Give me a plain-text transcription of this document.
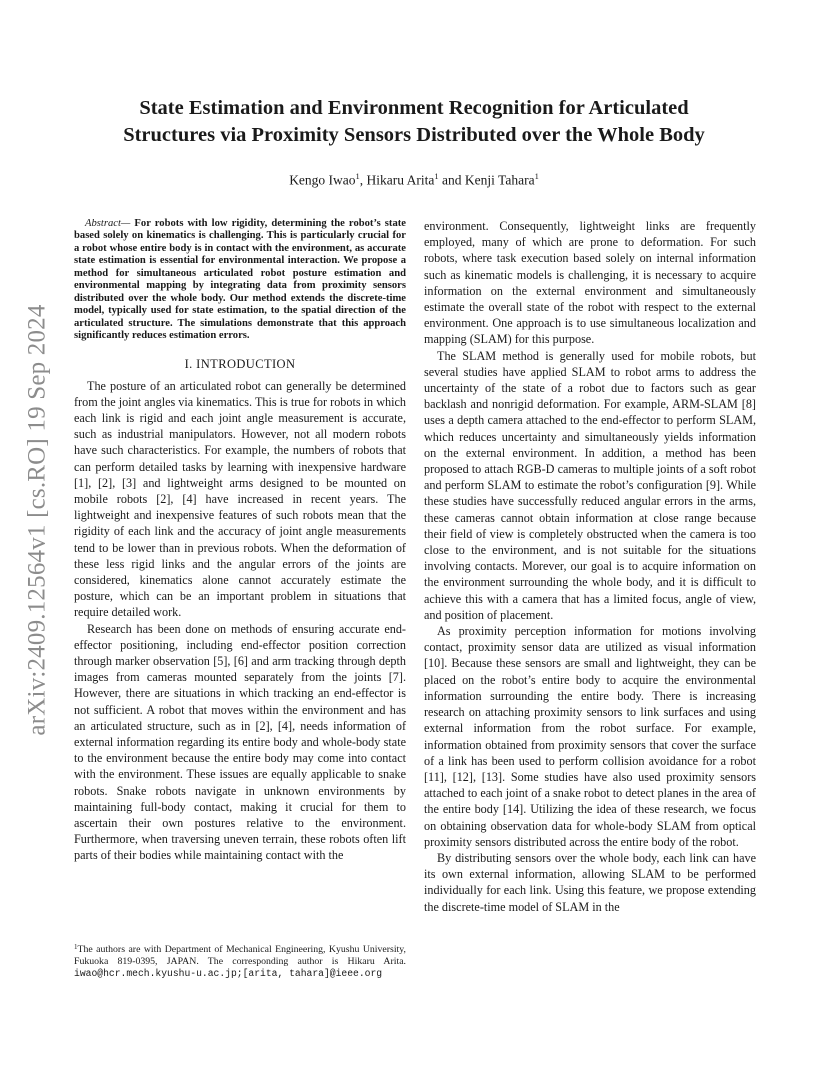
arXiv:2409.12564v1 [cs.RO] 19 Sep 2024
State Estimation and Environment Recognition for Articulated
Structures via Proximity Sensors Distributed over the Whole Body
Kengo Iwao$^1$, Hikaru Arita$^1$ and Kenji Tahara$^1$

Abstract— For robots with low rigidity, determining the robot’s state based solely on kinematics is challenging. This is particularly crucial for a robot whose entire body is in contact with the environment, as accurate state estimation is essential for environmental interaction. We propose a method for simultaneous articulated robot posture estimation and environmental mapping by integrating data from proximity sensors distributed over the whole body. Our method extends the discrete-time model, typically used for state estimation, to the spatial direction of the articulated structure. The simulations demonstrate that this approach significantly reduces estimation errors.

I. INTRODUCTION

The posture of an articulated robot can generally be determined from the joint angles via kinematics. This is true for robots in which each link is rigid and each joint angle measurement is accurate, such as industrial manipulators. However, not all modern robots have such characteristics. For example, the numbers of robots that can perform detailed tasks by learning with inexpensive hardware [1], [2], [3] and lightweight arms designed to be mounted on mobile robots [2], [4] have increased in recent years. The lightweight and inexpensive features of such robots mean that the rigidity of each link and the accuracy of joint angle measurements tend to be lower than in previous robots. When the deformation of these less rigid links and the angular errors of the joints are considered, kinematics alone cannot accurately estimate the posture, which can be an important problem in situations that require detailed work.

Research has been done on methods of ensuring accurate end-effector positioning, including end-effector position correction through marker observation [5], [6] and arm tracking through depth images from cameras mounted separately from the joints [7]. However, there are situations in which tracking an end-effector is not sufficient. A robot that moves within the environment and has an articulated structure, such as in [2], [4], needs information of external information regarding its entire body and whole-body state to the environment because the entire body may come into contact with the environment. These issues are equally applicable to snake robots. Snake robots navigate in unknown environments by maintaining full-body contact, making it crucial for them to ascertain their own postures relative to the environment. Furthermore, when traversing uneven terrain, these robots often lift parts of their bodies while maintaining contact with the

environment. Consequently, lightweight links are frequently employed, many of which are prone to deformation. For such robots, where task execution based solely on internal information such as kinematic models is challenging, it is necessary to acquire information on the external environment and simultaneously estimate the overall state of the robot with respect to the external environment. One approach is to use simultaneous localization and mapping (SLAM) for this purpose.

The SLAM method is generally used for mobile robots, but several studies have applied SLAM to robot arms to address the uncertainty of the state of a robot due to factors such as gear backlash and nonrigid deformation. For example, ARM-SLAM [8] uses a depth camera attached to the end-effector to perform SLAM, which reduces uncertainty and simultaneously yields information on the external environment. In addition, a method has been proposed to attach RGB-D cameras to multiple joints of a soft robot and perform SLAM to estimate the robot’s configuration [9]. While these studies have successfully reduced angular errors in the arms, these cameras cannot obtain information at close range because their field of view is completely obstructed when the camera is too close to the environment, and is not suitable for the situations involving contacts. Morever, our goal is to acquire information on the environment surrounding the whole body, and it is difficult to achieve this with a camera that has a limited focus, angle of view, and position of placement.

As proximity perception information for motions involving contact, proximity sensor data are utilized as visual information [10]. Because these sensors are small and lightweight, they can be placed on the robot’s entire body to acquire the environmental information surrounding the entire body. There is increasing research on attaching proximity sensors to link surfaces and using external information from the robot surface. For example, information obtained from proximity sensors that cover the surface of a link has been used to perform collision avoidance for a robot [11], [12], [13]. Some studies have also used proximity sensors attached to each joint of a snake robot to detect planes in the area of the entire body [14]. Utilizing the idea of these research, we focus on obtaining observation data for whole-body SLAM from optical proximity sensors distributed across the entire body of the robot.

By distributing sensors over the whole body, each link can have its own external information, allowing SLAM to be performed individually for each link. Using this feature, we propose extending the discrete-time model of SLAM in the

$^1$The authors are with Department of Mechanical Engineering, Kyushu University, Fukuoka 819-0395, JAPAN. The corresponding author is Hikaru Arita. iwao@hcr.mech.kyushu-u.ac.jp;[arita, tahara]@ieee.org
